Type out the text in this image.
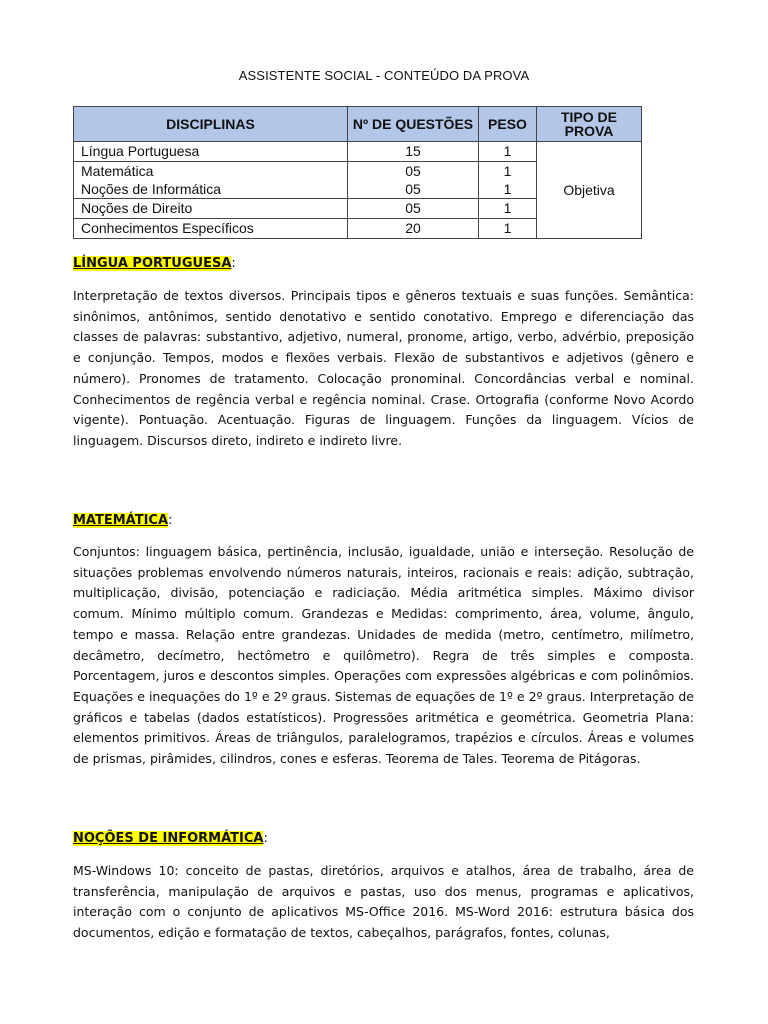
ASSISTENTE SOCIAL - CONTEÚDO DA PROVA
DISCIPLINAS	Nº DE QUESTÕES	PESO	TIPO DE PROVA
Língua Portuguesa	15	1	Objetiva
Matemática	05	1	
Noções de Informática	05	1	
Noções de Direito	05	1	
Conhecimentos Específicos	20	1	
LÍNGUA PORTUGUESA:

Interpretação de textos diversos. Principais tipos e gêneros textuais e suas funções. Semântica: sinônimos, antônimos, sentido denotativo e sentido conotativo. Emprego e diferenciação das classes de palavras: substantivo, adjetivo, numeral, pronome, artigo, verbo, advérbio, preposição e conjunção. Tempos, modos e flexões verbais. Flexão de substantivos e adjetivos (gênero e número). Pronomes de tratamento. Colocação pronominal. Concordâncias verbal e nominal. Conhecimentos de regência verbal e regência nominal. Crase. Ortografia (conforme Novo Acordo vigente). Pontuação. Acentuação. Figuras de linguagem. Funções da linguagem. Vícios de linguagem. Discursos direto, indireto e indireto livre.

MATEMÁTICA:

Conjuntos: linguagem básica, pertinência, inclusão, igualdade, união e interseção. Resolução de situações problemas envolvendo números naturais, inteiros, racionais e reais: adição, subtração, multiplicação, divisão, potenciação e radiciação. Média aritmética simples. Máximo divisor comum. Mínimo múltiplo comum. Grandezas e Medidas: comprimento, área, volume, ângulo, tempo e massa. Relação entre grandezas. Unidades de medida (metro, centímetro, milímetro, decâmetro, decímetro, hectômetro e quilômetro). Regra de três simples e composta. Porcentagem, juros e descontos simples. Operações com expressões algébricas e com polinômios. Equações e inequações do 1º e 2º graus. Sistemas de equações de 1º e 2º graus. Interpretação de gráficos e tabelas (dados estatísticos). Progressões aritmética e geométrica. Geometria Plana: elementos primitivos. Áreas de triângulos, paralelogramos, trapézios e círculos. Áreas e volumes de prismas, pirâmides, cilindros, cones e esferas. Teorema de Tales. Teorema de Pitágoras.

NOÇÕES DE INFORMÁTICA:

MS-Windows 10: conceito de pastas, diretórios, arquivos e atalhos, área de trabalho, área de transferência, manipulação de arquivos e pastas, uso dos menus, programas e aplicativos, interação com o conjunto de aplicativos MS-Office 2016. MS-Word 2016: estrutura básica dos documentos, edição e formatação de textos, cabeçalhos, parágrafos, fontes, colunas,
